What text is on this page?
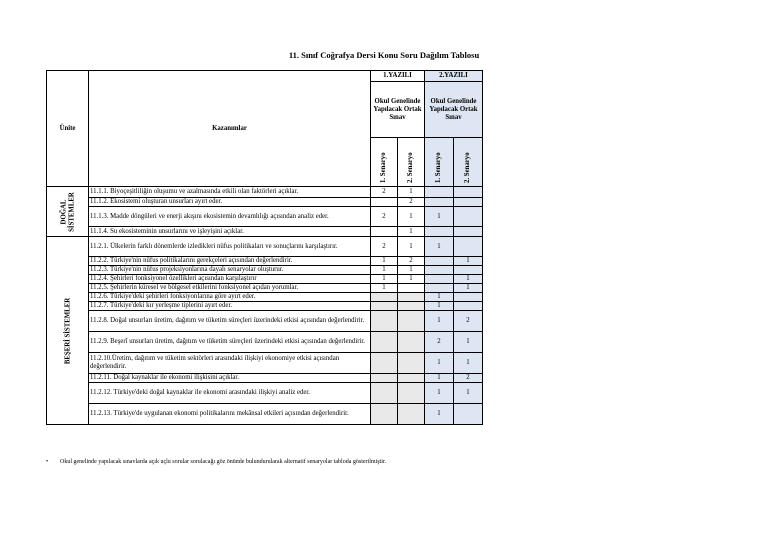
11. Sınıf Coğrafya Dersi Konu Soru Dağılım Tablosu
Ünite	Kazanımlar	1.YAZILI		2.YAZILI	
		Okul Genelinde Yapılacak Ortak Sınav		Okul Genelinde Yapılacak Ortak Sınav	

		1. Senaryo	2. Senaryo	1. Senaryo	2. Senaryo

DOĞAL SİSTEMLER	11.1.1. Biyoçeşitliliğin oluşumu ve azalmasında etkili olan faktörleri açıklar.	2	1		
	11.1.2. Ekosistemi oluşturan unsurları ayırt eder.		2		
	11.1.3. Madde döngüleri ve enerji akışını ekosistemin devamlılığı açısından analiz eder.	2	1	1	
	11.1.4. Su ekosisteminin unsurlarını ve işleyişini açıklar.		1		

BEŞERİ SİSTEMLER	11.2.1. Ülkelerin farklı dönemlerde izledikleri nüfus politikaları ve sonuçlarını karşılaştırır.	2	1	1	
	11.2.2. Türkiye'nin nüfus politikalarını gerekçeleri açısından değerlendirir.	1	2		1
	11.2.3. Türkiye'nin nüfus projeksiyonlarına dayalı senaryolar oluşturur.	1	1		
	11.2.4. Şehirleri fonksiyonel özellikleri açısından karşılaştırır	1	1		1
	11.2.5. Şehirlerin küresel ve bölgesel etkilerini fonksiyonel açıdan yorumlar.	1			1
	11.2.6. Türkiye'deki şehirleri fonksiyonlarına göre ayırt eder.			1	
	11.2.7. Türkiye'deki kır yerleşme tiplerini ayırt eder.			1	
	11.2.8. Doğal unsurları üretim, dağıtım ve tüketim süreçleri üzerindeki etkisi açısından değerlendirir.			1	2
	11.2.9. Beşerî unsurları üretim, dağıtım ve tüketim süreçleri üzerindeki etkisi açısından değerlendirir.			2	1
	11.2.10.Üretim, dağıtım ve tüketim sektörleri arasındaki ilişkiyi ekonomiye etkisi açısından değerlendirir.			1	1
	11.2.11. Doğal kaynaklar ile ekonomi ilişkisini açıklar.			1	2
	11.2.12. Türkiye'deki doğal kaynaklar ile ekonomi arasındaki ilişkiyi analiz eder.			1	1
	11.2.13. Türkiye'de uygulanan ekonomi politikalarını mekânsal etkileri açısından değerlendirir.			1	
• Okul genelinde yapılacak sınavlarda açık uçlu sorular sorulacağı göz önünde bulundurularak alternatif senaryolar tabloda gösterilmiştir.
